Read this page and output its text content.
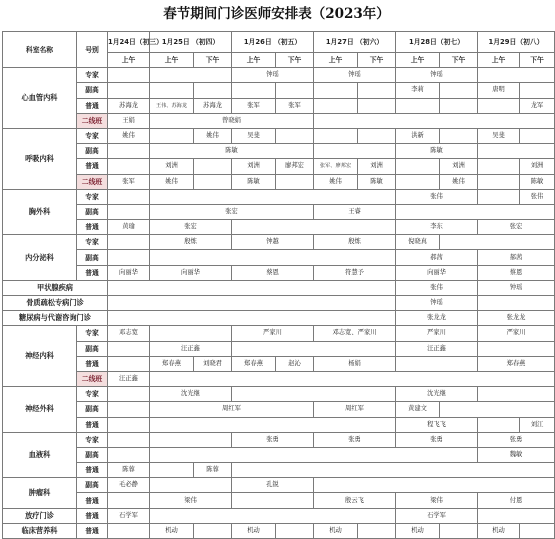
春节期间门诊医师安排表（2023年）
科室名称	号别	1月24日（初三）	1月25日 （初四）		1月26日 （初五）		1月27日 （初六）		1月28日（初七）		1月29日（初八）	
		上午	上午	下午	上午	下午	上午	下午	上午	下午	上午	下午
心血管内科	专家				钟瑶		钟瑶		钟瑶			
	副高								李莉		唐明	
	普通	苏海龙	王伟、苏海龙	苏海龙	张军	张军						龙军
	二线班	王娟	曾晓娟									
呼吸内科	专家	姚伟		姚伟	吴斐				洪新		吴斐	
	副高		陈敏						陈敏			
	普通		刘洲		刘洲	廖邦宏	张军、廖邦宏	刘洲		刘洲		刘洲
	二线班	张军	姚伟		陈敏		姚伟	陈敏		姚伟		陈敏
胸外科	专家								张伟			张伟
	副高		张宏				王睿					
	普通	黄瑜	张宏						李东		张宏	
内分泌科	专家		殷炼		钟越		殷炼		倪晓真			
	副高								郝茜		郝茜	
	普通	向丽华	向丽华		蔡恩		符慧予		向丽华		蔡恩	
甲状腺疾病									张伟		钟瑶	
骨质疏松专病门诊									钟瑶			
糖尿病与代谢咨询门诊									张龙龙		张龙龙	
神经内科	专家	邓志宽			严家川		邓志宽、严家川		严家川		严家川	
	副高		汪正鑫						汪正鑫			
	普通		郑春燕	刘晓君	郑春燕	赵沁	杨娟				郑春燕	
	二线班	汪正鑫										
神经外科	专家		沈光继						沈光继			
	副高		周红军				周红军		黄建文			
	普通								程飞飞			刘江
血液科	专家				张勇		张勇		张勇		张勇	
	副高										魏敏	
	普通	陈蓉		陈蓉								
肿瘤科	副高	毛必静			孔锐							
	普通		梁伟				殷云飞		梁伟		付恩	
放疗门诊	普通	石学军							石学军			
临床营养科	普通		机动		机动		机动		机动		机动	
